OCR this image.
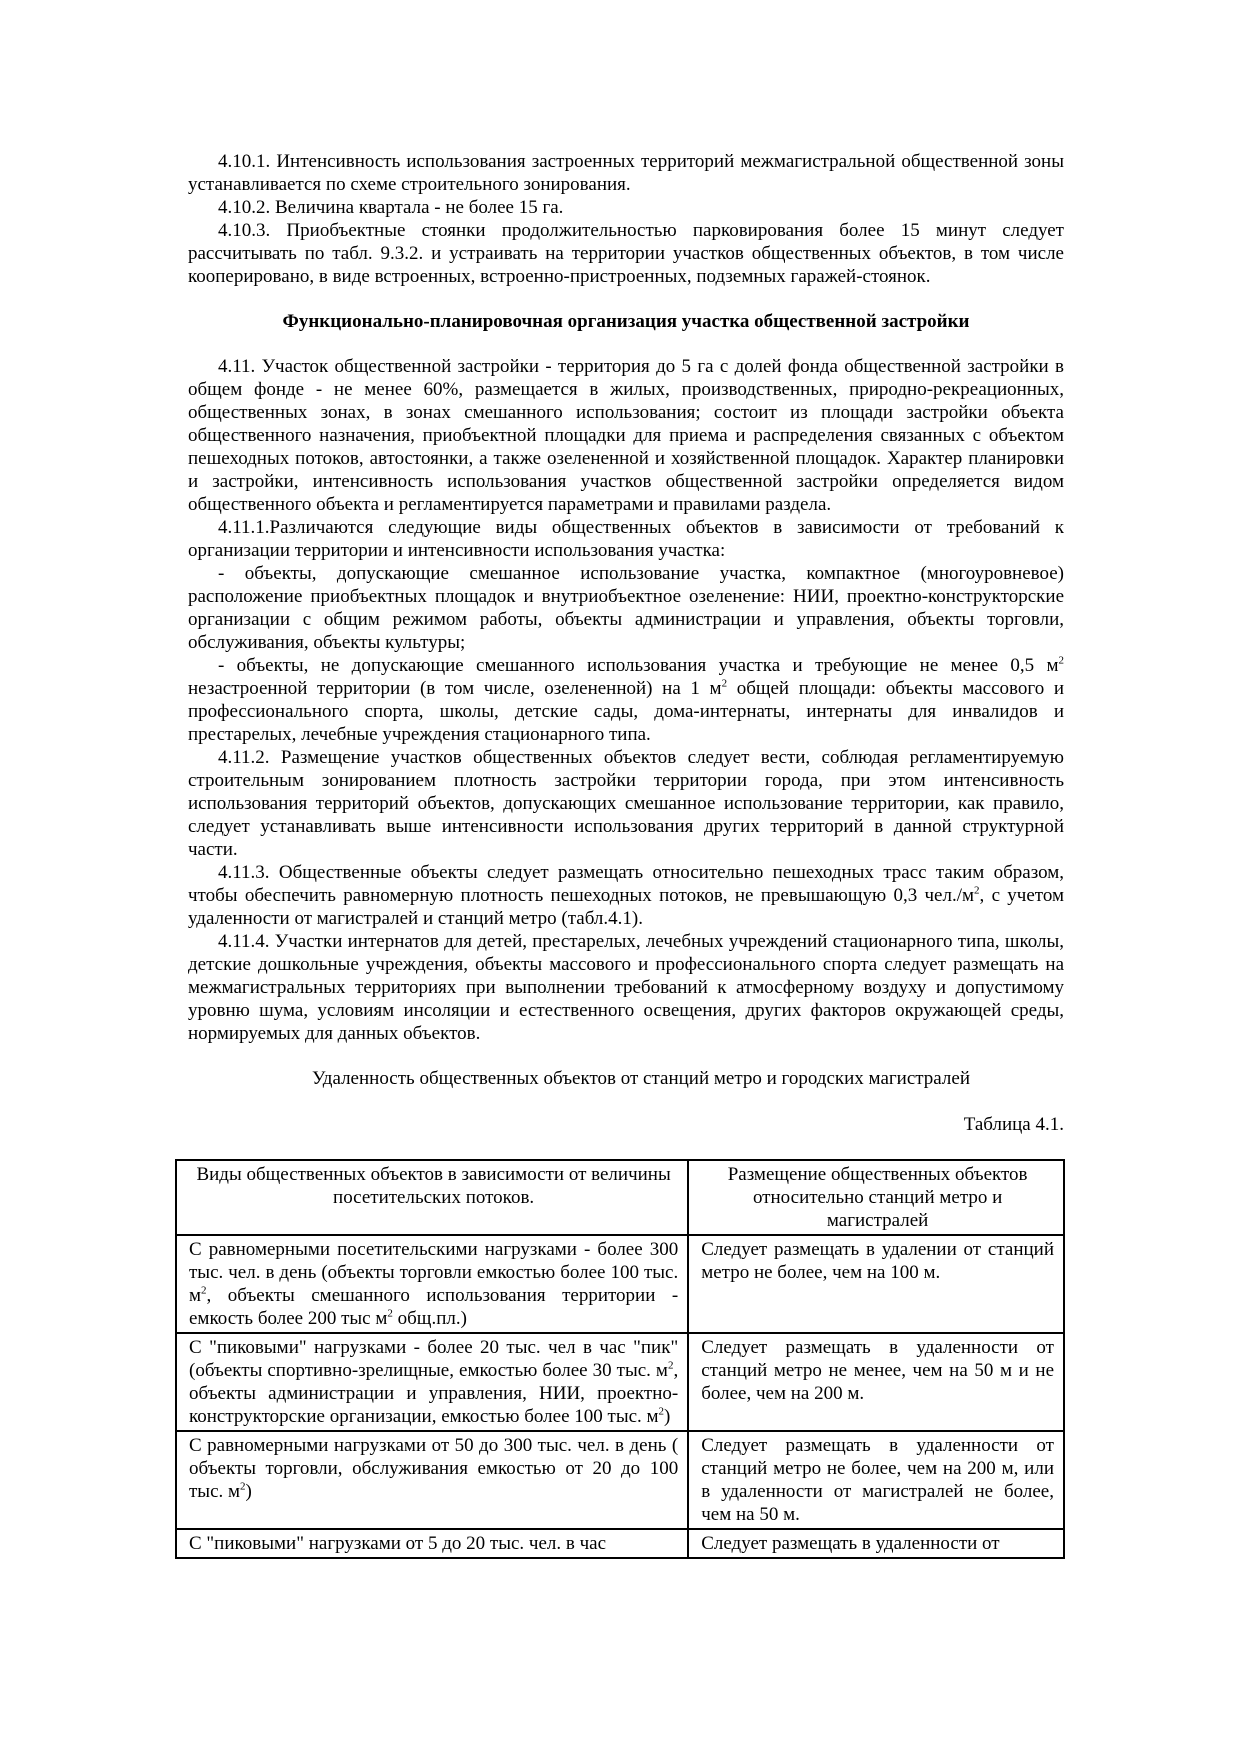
4.10.1. Интенсивность использования застроенных территорий межмагистральной общественной зоны устанавливается по схеме строительного зонирования.

4.10.2. Величина квартала - не более 15 га.

4.10.3. Приобъектные стоянки продолжительностью парковирования более 15 минут следует рассчитывать по табл. 9.3.2. и устраивать на территории участков общественных объектов, в том числе кооперировано, в виде встроенных, встроенно-пристроенных, подземных гаражей-стоянок.

Функционально-планировочная организация участка общественной застройки

4.11. Участок общественной застройки - территория до 5 га с долей фонда общественной застройки в общем фонде - не менее 60%, размещается в жилых, производственных, природно-рекреационных, общественных зонах, в зонах смешанного использования; состоит из площади застройки объекта общественного назначения, приобъектной площадки для приема и распределения связанных с объектом пешеходных потоков, автостоянки, а также озелененной и хозяйственной площадок. Характер планировки и застройки, интенсивность использования участков общественной застройки определяется видом общественного объекта и регламентируется параметрами и правилами раздела.

4.11.1.Различаются следующие виды общественных объектов в зависимости от требований к организации территории и интенсивности использования участка:

- объекты, допускающие смешанное использование участка, компактное (многоуровневое) расположение приобъектных площадок и внутриобъектное озеленение: НИИ, проектно-конструкторские организации с общим режимом работы, объекты администрации и управления, объекты торговли, обслуживания, объекты культуры;

- объекты, не допускающие смешанного использования участка и требующие не менее 0,5 $м^2$ незастроенной территории (в том числе, озелененной) на 1 $м^2$ общей площади: объекты массового и профессионального спорта, школы, детские сады, дома-интернаты, интернаты для инвалидов и престарелых, лечебные учреждения стационарного типа.

4.11.2. Размещение участков общественных объектов следует вести, соблюдая регламентируемую строительным зонированием плотность застройки территории города, при этом интенсивность использования территорий объектов, допускающих смешанное использование территории, как правило, следует устанавливать выше интенсивности использования других территорий в данной структурной части.

4.11.3. Общественные объекты следует размещать относительно пешеходных трасс таким образом, чтобы обеспечить равномерную плотность пешеходных потоков, не превышающую 0,3 $чел./м^2$, с учетом удаленности от магистралей и станций метро (табл.4.1).

4.11.4. Участки интернатов для детей, престарелых, лечебных учреждений стационарного типа, школы, детские дошкольные учреждения, объекты массового и профессионального спорта следует размещать на межмагистральных территориях при выполнении требований к атмосферному воздуху и допустимому уровню шума, условиям инсоляции и естественного освещения, других факторов окружающей среды, нормируемых для данных объектов.

Удаленность общественных объектов от станций метро и городских магистралей
Таблица 4.1.
Виды общественных объектов в зависимости от величины посетительских потоков.	Размещение общественных объектов относительно станций метро и магистралей
С равномерными посетительскими нагрузками - более 300 тыс. чел. в день (объекты торговли емкостью более 100 тыс. $м^2$, объекты смешанного использования территории - емкость более 200 тыс $м^2$ общ.пл.)	Следует размещать в удалении от станций метро не более, чем на 100 м.
С "пиковыми" нагрузками - более 20 тыс. чел в час "пик" (объекты спортивно-зрелищные, емкостью более 30 тыс. $м^2$, объекты администрации и управления, НИИ, проектно-конструкторские организации, емкостью более 100 тыс. $м^2$)	Следует размещать в удаленности от станций метро не менее, чем на 50 м и не более, чем на 200 м.
С равномерными нагрузками от 50 до 300 тыс. чел. в день ( объекты торговли, обслуживания емкостью от 20 до 100 тыс. $м^2$)	Следует размещать в удаленности от станций метро не более, чем на 200 м, или в удаленности от магистралей не более, чем на 50 м.
С "пиковыми" нагрузками от 5 до 20 тыс. чел. в час	Следует размещать в удаленности от
